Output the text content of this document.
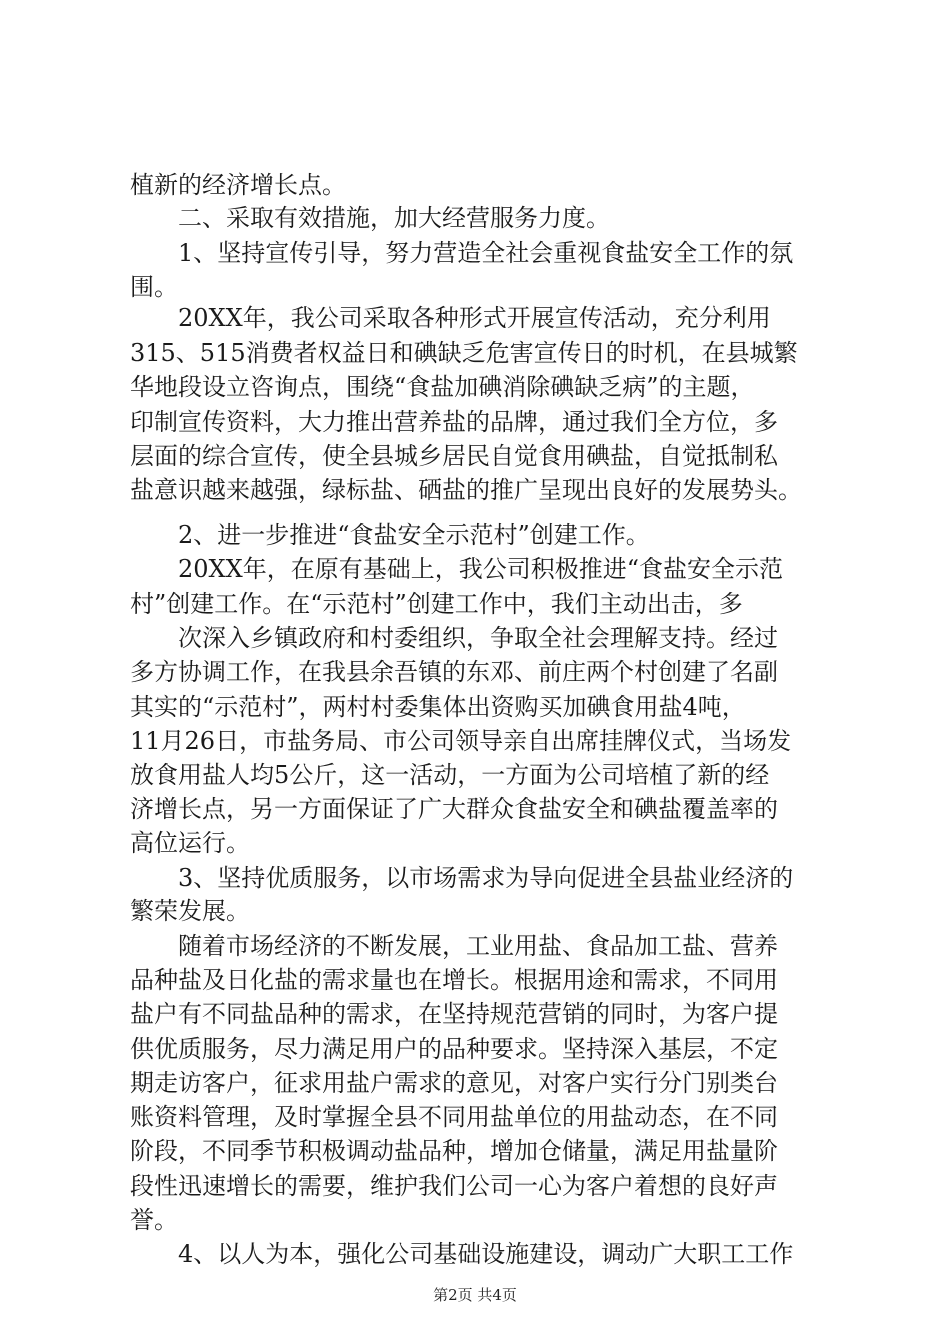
植新的经济增长点。
二、采取有效措施，加大经营服务力度。
1、坚持宣传引导，努力营造全社会重视食盐安全工作的氛
围。
20XX年，我公司采取各种形式开展宣传活动，充分利用
315、515消费者权益日和碘缺乏危害宣传日的时机，在县城繁
华地段设立咨询点，围绕“食盐加碘消除碘缺乏病”的主题，
印制宣传资料，大力推出营养盐的品牌，通过我们全方位，多
层面的综合宣传，使全县城乡居民自觉食用碘盐，自觉抵制私
盐意识越来越强，绿标盐、硒盐的推广呈现出良好的发展势头。
2、进一步推进“食盐安全示范村”创建工作。
20XX年，在原有基础上，我公司积极推进“食盐安全示范
村”创建工作。在“示范村”创建工作中，我们主动出击，多
次深入乡镇政府和村委组织，争取全社会理解支持。经过
多方协调工作，在我县余吾镇的东邓、前庄两个村创建了名副
其实的“示范村”，两村村委集体出资购买加碘食用盐4吨，
11月26日，市盐务局、市公司领导亲自出席挂牌仪式，当场发
放食用盐人均5公斤，这一活动，一方面为公司培植了新的经
济增长点，另一方面保证了广大群众食盐安全和碘盐覆盖率的
高位运行。
3、坚持优质服务，以市场需求为导向促进全县盐业经济的
繁荣发展。
随着市场经济的不断发展，工业用盐、食品加工盐、营养
品种盐及日化盐的需求量也在增长。根据用途和需求，不同用
盐户有不同盐品种的需求，在坚持规范营销的同时，为客户提
供优质服务，尽力满足用户的品种要求。坚持深入基层，不定
期走访客户，征求用盐户需求的意见，对客户实行分门别类台
账资料管理，及时掌握全县不同用盐单位的用盐动态，在不同
阶段，不同季节积极调动盐品种，增加仓储量，满足用盐量阶
段性迅速增长的需要，维护我们公司一心为客户着想的良好声
誉。
4、以人为本，强化公司基础设施建设，调动广大职工工作
第2页 共4页
